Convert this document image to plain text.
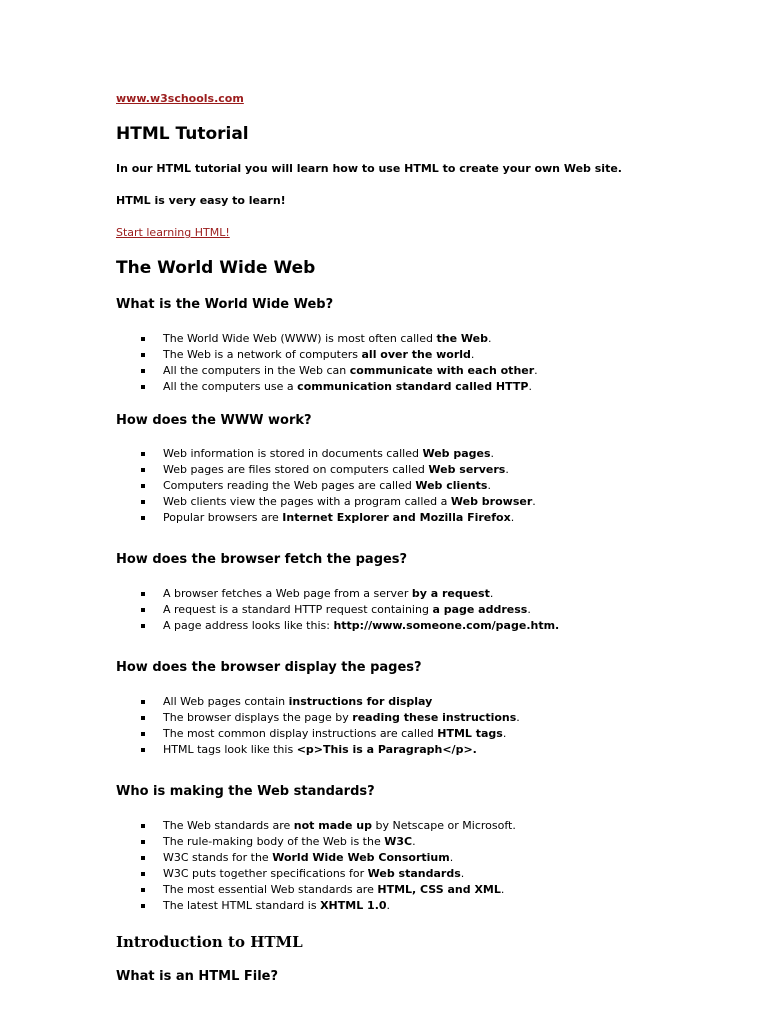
www.w3schools.com
HTML Tutorial

In our HTML tutorial you will learn how to use HTML to create your own Web site.

HTML is very easy to learn!

Start learning HTML!
The World Wide Web
What is the World Wide Web?
The World Wide Web (WWW) is most often called the Web.
The Web is a network of computers all over the world.
All the computers in the Web can communicate with each other.
All the computers use a communication standard called HTTP.
How does the WWW work?
Web information is stored in documents called Web pages.
Web pages are files stored on computers called Web servers.
Computers reading the Web pages are called Web clients.
Web clients view the pages with a program called a Web browser.
Popular browsers are Internet Explorer and Mozilla Firefox.
How does the browser fetch the pages?
A browser fetches a Web page from a server by a request.
A request is a standard HTTP request containing a page address.
A page address looks like this: http://www.someone.com/page.htm.
How does the browser display the pages?
All Web pages contain instructions for display
The browser displays the page by reading these instructions.
The most common display instructions are called HTML tags.
HTML tags look like this <p>This is a Paragraph</p>.
Who is making the Web standards?
The Web standards are not made up by Netscape or Microsoft.
The rule-making body of the Web is the W3C.
W3C stands for the World Wide Web Consortium.
W3C puts together specifications for Web standards.
The most essential Web standards are HTML, CSS and XML.
The latest HTML standard is XHTML 1.0.
Introduction to HTML
What is an HTML File?
